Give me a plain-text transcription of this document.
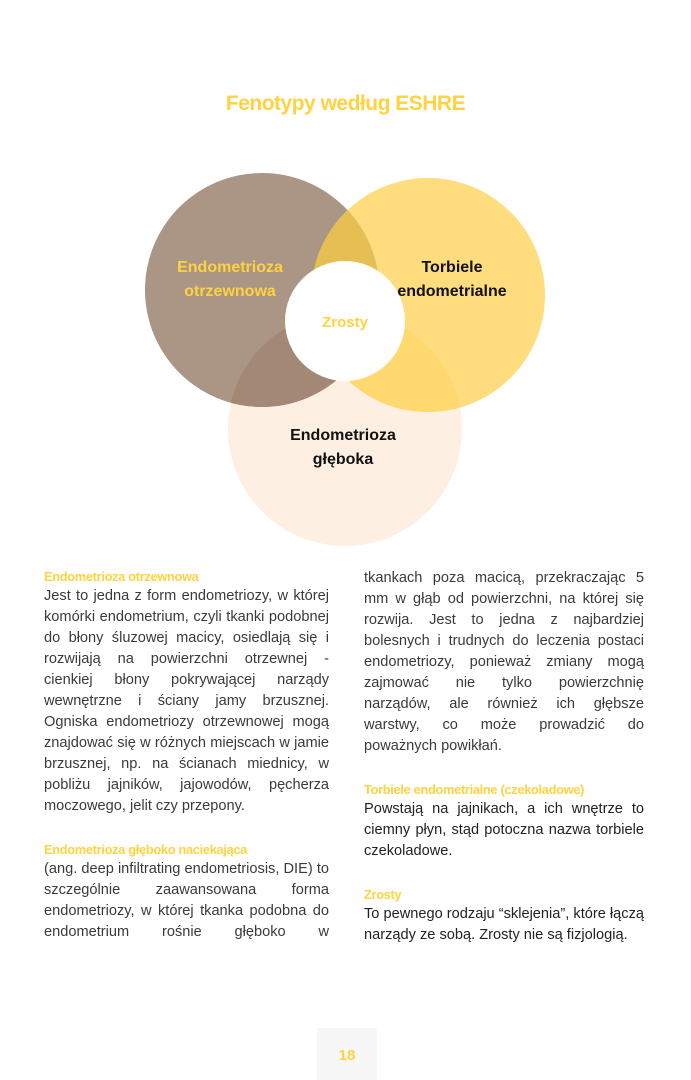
Fenotypy według ESHRE
Endometrioza
otrzewnowa
Torbiele
endometrialne
Endometrioza
głęboka
Zrosty
Endometrioza otrzewnowa

Jest to jedna z form endometriozy, w której komórki endometrium, czyli tkanki podobnej do błony śluzowej macicy, osiedlają się i rozwijają na powierzchni otrzewnej - cienkiej błony pokrywającej narządy wewnętrzne i ściany jamy brzusznej. Ogniska endometriozy otrzewnowej mogą znajdować się w różnych miejscach w jamie brzusznej, np. na ścianach miednicy, w pobliżu jajników, jajowodów, pęcherza moczowego, jelit czy przepony.

Endometrioza głęboko naciekająca

(ang. deep infiltrating endometriosis, DIE) to szczególnie zaawansowana forma endometriozy, w której tkanka podobna do endometrium rośnie głęboko w

tkankach poza macicą, przekraczając 5 mm w głąb od powierzchni, na której się rozwija. Jest to jedna z najbardziej bolesnych i trudnych do leczenia postaci endometriozy, ponieważ zmiany mogą zajmować nie tylko powierzchnię narządów, ale również ich głębsze warstwy, co może prowadzić do poważnych powikłań.

Torbiele endometrialne (czekoladowe)

Powstają na jajnikach, a ich wnętrze to ciemny płyn, stąd potoczna nazwa torbiele czekoladowe.

Zrosty

To pewnego rodzaju “sklejenia”, które łączą narządy ze sobą. Zrosty nie są fizjologią.

18
